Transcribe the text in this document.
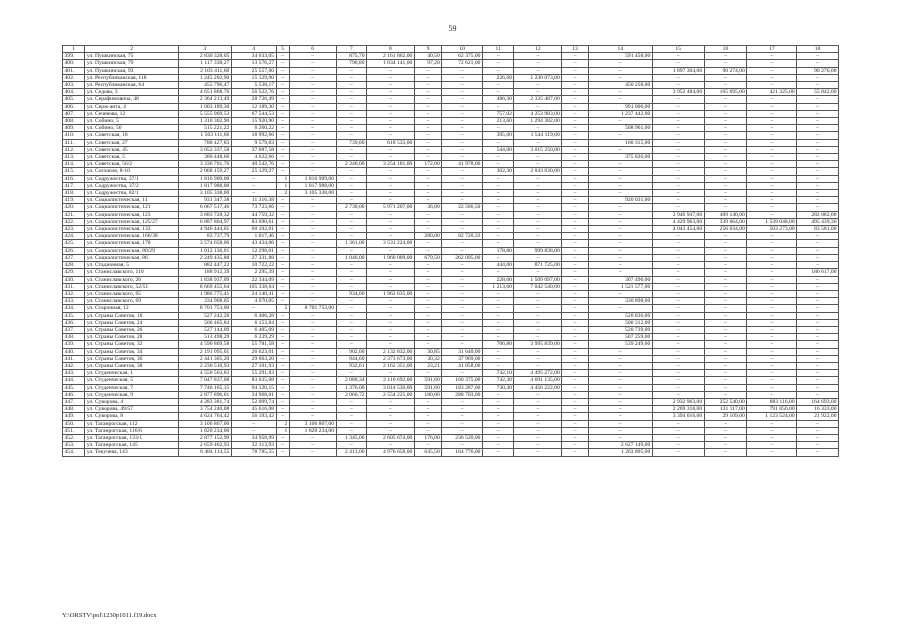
59
1	2	3	4	5	6	7	8	9	10	11	12	13	14	15	16	17	18
399.	ул. Пушкинская, 75	2 830 328,05	34 633,05	–	–	875,70	2 161 862,00	40,50	62 375,00	–	–	–	591 458,00	–	–	–	–
400.	ул. Пушкинская, 79	1 117 338,27	13 576,27	–	–	790,80	1 034 141,00	97,20	72 621,00	–	–	–	–	–	–	–	–
401.	ул. Пушкинская, 93	2 103 411,60	25 557,60	–	–	–	–	–	–	–	–	–	–	1 897 304,00	90 274,00	–	90 276,00
402.	ул. Республиканская, 118	1 245 202,90	15 129,90	–	–	–	–	–	–	226,68	1 230 073,00	–	–	–	–	–	–
403.	ул. Республиканская, 64	455 796,47	5 538,17	–	–	–	–	–	–	–	–	–	450 258,00	–	–	–	–
404.	ул. Седова, 3	4 651 868,76	56 522,76	–	–	–	–	–	–	–	–	–	–	3 952 484,00	165 695,00	421 325,00	55 842,00
405.	ул. Серафимовича, 48	2 364 213,49	28 726,49	–	–	–	–	–	–	486,30	2 335 487,00	–	–	–	–	–	–
406.	ул. Серж-анта, 4	1 003 189,30	12 189,30	–	–	–	–	–	–	–	–	–	991 000,00	–	–	–	–
407.	ул. Сечевова, 12	5 555 969,53	67 544,53	–	–	–	–	–	–	757,02	4 253 983,00	–	1 237 442,00	–	–	–	–
408.	ул. Собино, 5	1 310 302,90	15 920,90	–	–	–	–	–	–	213,60	1 294 382,00	–	–	–	–	–	–
409.	ул. Собино, 56	515 221,22	6 260,22	–	–	–	–	–	–	–	–	–	508 961,00	–	–	–	–
410.	ул. Советская, 18	1 563 111,66	18 992,66	–	–	–	–	–	–	395,00	1 544 119,00	–	–	–	–	–	–
411.	ул. Советская, 27	788 427,83	9 579,83	–	–	739,00	618 533,00	–	–	–	–	–	160 315,00	–	–	–	–
412.	ул. Советская, 45	3 052 337,58	37 087,58	–	–	–	–	–	–	544,00	3 015 250,00	–	–	–	–	–	–
413.	ул. Советская, 5	380 448,66	4 622,66	–	–	–	–	–	–	–	–	–	375 826,00	–	–	–	–
414.	ул. Советская, 56/2	3 336 701,76	40 542,76	–	–	2 340,00	3 254 181,00	172,00	41 978,00	–	–	–	–	–	–	–	–
415.	ул. Согласия, 8-10	2 068 159,27	25 129,27	–	–	–	–	–	–	302,30	2 043 030,00	–	–	–	–	–	–
416.	ул. Содружества, 37/1	1 816 909,00	–	1	1 816 909,00	–	–	–	–	–	–	–	–	–	–	–	–
417.	ул. Содружества, 37/2	1 817 988,00	–	1	1 817 988,00	–	–	–	–	–	–	–	–	–	–	–	–
418.	ул. Содружества, 82/1	3 105 338,00	–	2	3 105 338,00	–	–	–	–	–	–	–	–	–	–	–	–
419.	ул. Социалистическая, 11	931 347,38	11 316,38	–	–	–	–	–	–	–	–	–	920 031,00	–	–	–	–
420.	ул. Социалистическая, 121	6 067 517,46	73 723,66	–	–	2 730,00	5 971 207,00	36,00	22 586,50	–	–	–	–	–	–	–	–
421.	ул. Социалистическая, 123	3 683 728,32	44 759,32	–	–	–	–	–	–	–	–	–	–	2 946 947,00	409 140,00	–	282 882,00
422.	ул. Социалистическая, 125/27	6 887 804,97	83 690,61	–	–	–	–	–	–	–	–	–	–	4 429 963,00	339 664,00	1 539 048,00	495 439,36
423.	ул. Социалистическая, 133	4 946 444,01	60 102,01	–	–	–	–	–	–	–	–	–	–	4 043 454,00	256 034,00	503 273,00	83 581,00
424.	ул. Социалистическая, 166/38	83 737,79	1 017,46	–	–	–	–	280,00	82 720,33	–	–	–	–	–	–	–	–
425.	ул. Социалистическая, 178	3 574 658,06	43 434,06	–	–	1 361,00	3 531 224,00	–	–	–	–	–	–	–	–	–	–
426.	ул. Социалистическая, 80/29	1 012 136,01	12 298,01	–	–	–	–	–	–	178,80	999 838,00	–	–	–	–	–	–
427.	ул. Социалистическая, 86	2 249 435,88	27 331,88	–	–	1 046,00	1 960 009,00	679,50	262 095,00	–	–	–	–	–	–	–	–
428.	ул. Стадионная, 5	882 447,22	10 722,22	–	–	–	–	–	–	444,00	871 725,00	–	–	–	–	–	–
429.	ул. Станиславского, 110	188 912,39	2 295,39	–	–	–	–	–	–	–	–	–	–	–	–	–	186 617,00
430.	ул. Станиславского, 26	1 838 937,09	22 344,09	–	–	–	–	–	–	228,00	1 509 097,00	–	307 496,00	–	–	–	–
431.	ул. Станиславского, 52/51	8 669 455,64	105 338,64	–	–	–	–	–	–	1 213,60	7 042 540,00	–	1 521 577,00	–	–	–	–
432.	ул. Станиславского, 65	1 986 775,41	24 140,41	–	–	934,00	1 962 635,00	–	–	–	–	–	–	–	–	–	–
433.	ул. Станиславского, 69	334 968,05	4 070,05	–	–	–	–	–	–	–	–	–	330 898,00	–	–	–	–
434.	ул. Старонная, 12	8 701 753,00	–	5	8 701 753,00	–	–	–	–	–	–	–	–	–	–	–	–
435.	ул. Страны Советов, 18	527 242,28	6 406,28	–	–	–	–	–	–	–	–	–	520 836,00	–	–	–	–
436.	ул. Страны Советов, 24	506 465,84	6 153,84	–	–	–	–	–	–	–	–	–	500 312,00	–	–	–	–
437.	ул. Страны Советов, 26	527 144,09	6 405,09	–	–	–	–	–	–	–	–	–	520 739,00	–	–	–	–
438.	ул. Страны Советов, 28	513 498,29	6 239,29	–	–	–	–	–	–	–	–	–	507 259,00	–	–	–	–
439.	ул. Страны Советов, 32	4 590 869,58	55 781,58	–	–	–	–	–	–	706,80	3 995 839,00	–	539 249,00	–	–	–	–
440.	ул. Страны Советов, 34	2 191 095,01	26 623,01	–	–	902,00	2 132 832,00	30,85	31 640,00	–	–	–	–	–	–	–	–
441.	ул. Страны Советов, 36	2 441 305,20	29 663,20	–	–	944,60	2 373 673,00	30,32	37 969,00	–	–	–	–	–	–	–	–
442.	ул. Страны Советов, 38	2 230 510,93	27 101,93	–	–	932,61	2 162 351,00	23,21	41 058,00	–	–	–	–	–	–	–	–
443.	ул. Студенческая, 1	4 550 563,83	55 291,83	–	–	–	–	–	–	742,10	4 495 272,00	–	–	–	–	–	–
444.	ул. Студенческая, 5	7 047 837,08	83 635,08	–	–	2 080,34	2 110 692,00	591,60	160 375,00	742,30	4 691 135,00	–	–	–	–	–	–
445.	ул. Студенческая, 7	7 746 165,15	94 120,15	–	–	1 376,00	3 014 536,00	591,60	183 287,00	730,30	4 456 222,00	–	–	–	–	–	–
446.	ул. Студенческая, 9	2 877 896,01	34 968,01	–	–	2 060,72	2 554 225,00	180,00	288 703,00	–	–	–	–	–	–	–	–
447.	ул. Суворова, 4	4 283 381,74	52 009,74	–	–	–	–	–	–	–	–	–	–	2 932 963,00	252 540,00	883 116,00	164 693,00
448.	ул. Суворова, 49/57	3 754 240,08	45 616,08	–	–	–	–	–	–	–	–	–	–	2 269 318,00	131 117,00	791 856,00	16 333,00
449.	ул. Суворова, 8	4 624 764,42	56 193,42	–	–	–	–	–	–	–	–	–	–	3 394 016,00	29 109,00	1 123 524,00	21 922,00
450.	ул. Таганрогская, 112	3 106 867,00	–	2	3 106 867,00	–	–	–	–	–	–	–	–	–	–	–	–
451.	ул. Таганрогская, 116/6	1 820 234,00	–	1	1 820 234,00	–	–	–	–	–	–	–	–	–	–	–	–
452.	ул. Таганрогская, 133/1	2 877 152,99	34 958,99	–	–	1 345,00	2 605 674,00	176,00	236 520,00	–	–	–	–	–	–	–	–
453.	ул. Таганрогская, 145	2 659 462,93	32 313,93	–	–	–	–	–	–	–	–	–	2 627 149,00	–	–	–	–
454.	ул. Текучева, 143	6 484 114,55	78 785,55	–	–	2 413,00	4 976 658,00	645,50	164 776,00	–	–	–	1 263 895,00	–	–	–	–
Y:\ORSTV\pol\1230p1011.f19.docx
